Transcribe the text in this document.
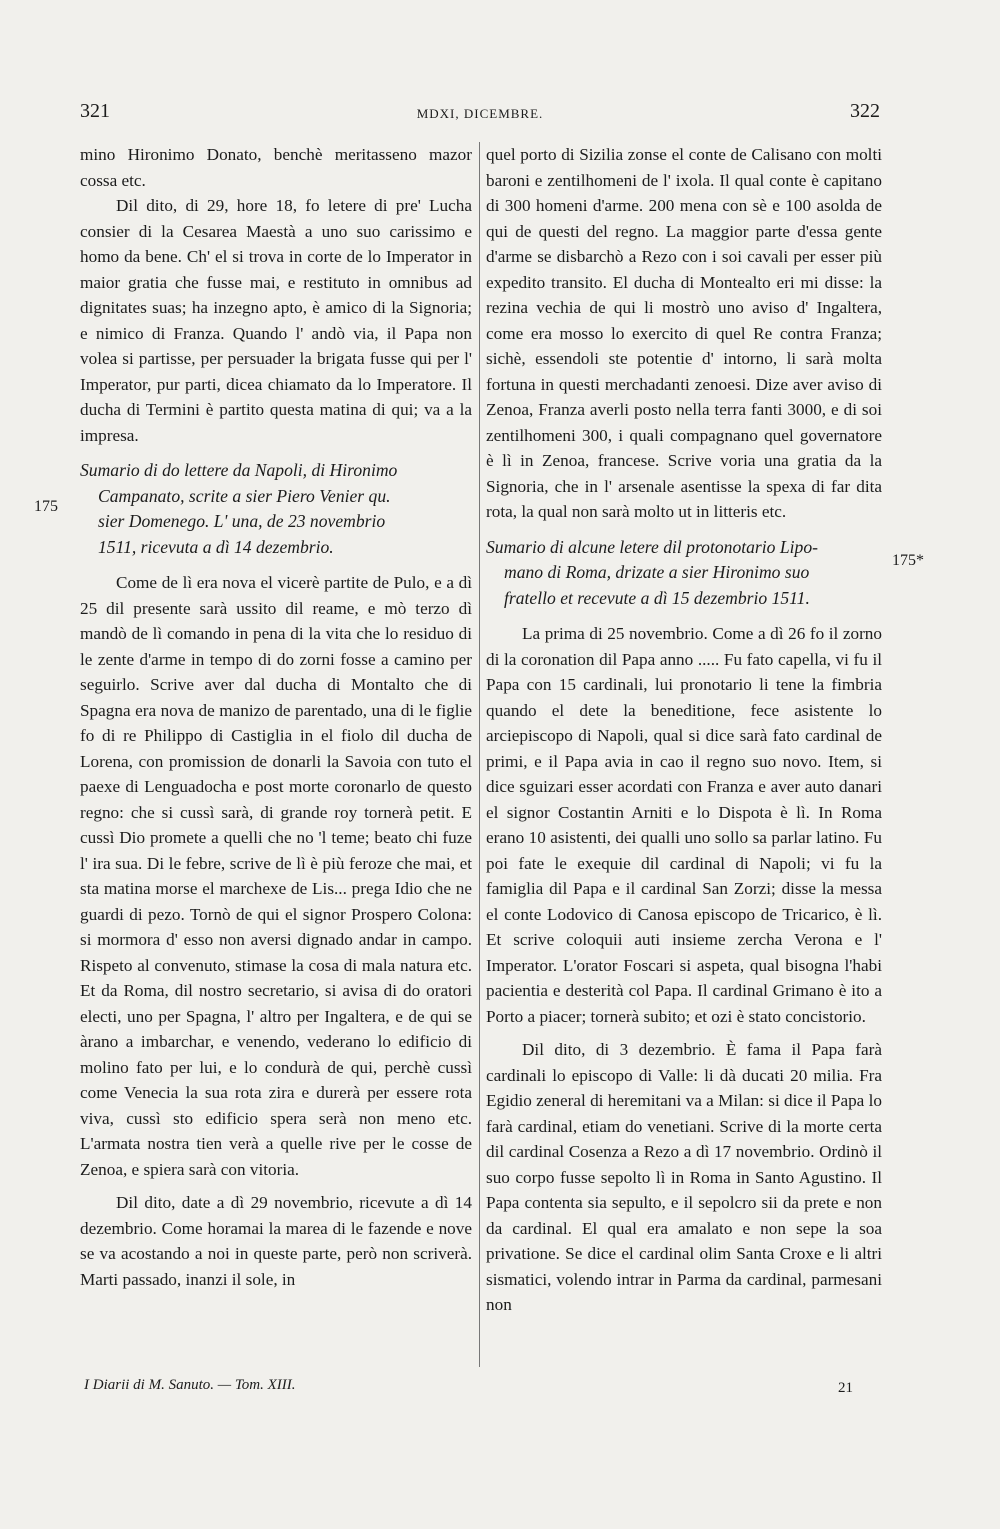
321	MDXI, DICEMBRE.	322

mino Hironimo Donato, benchè meritasseno mazor cossa etc.

Dil dito, di 29, hore 18, fo letere di pre' Lucha consier di la Cesarea Maestà a uno suo carissimo e homo da bene. Ch' el si trova in corte de lo Imperator in maior gratia che fusse mai, e restituto in omnibus ad dignitates suas; ha inzegno apto, è amico di la Signoria; e nimico di Franza. Quando l' andò via, il Papa non volea si partisse, per persuader la brigata fusse qui per l' Imperator, pur parti, dicea chiamato da lo Imperatore. Il ducha di Termini è partito questa matina di qui; va a la impresa.

Sumario di do lettere da Napoli, di Hironimo
Campanato, scrite a sier Piero Venier qu.
sier Domenego. L' una, de 23 novembrio
1511, ricevuta a dì 14 dezembrio.

Come de lì era nova el vicerè partite de Pulo, e a dì 25 dil presente sarà ussito dil reame, e mò terzo dì mandò de lì comando in pena di la vita che lo residuo di le zente d'arme in tempo di do zorni fosse a camino per seguirlo. Scrive aver dal ducha di Montalto che di Spagna era nova de manizo de parentado, una di le figlie fo di re Philippo di Castiglia in el fiolo dil ducha de Lorena, con promission de donarli la Savoia con tuto el paexe di Lenguadocha e post morte coronarlo de questo regno: che si cussì sarà, di grande roy tornerà petit. E cussì Dio promete a quelli che no 'l teme; beato chi fuze l' ira sua. Di le febre, scrive de lì è più feroze che mai, et sta matina morse el marchexe de Lis... prega Idio che ne guardi di pezo. Tornò de qui el signor Prospero Colona: si mormora d' esso non aversi dignado andar in campo. Rispeto al convenuto, stimase la cosa di mala natura etc. Et da Roma, dil nostro secretario, si avisa di do oratori electi, uno per Spagna, l' altro per Ingaltera, e de qui se àrano a imbarchar, e venendo, vederano lo edificio di molino fato per lui, e lo condurà de qui, perchè cussì come Venecia la sua rota zira e durerà per essere rota viva, cussì sto edificio spera serà non meno etc. L'armata nostra tien verà a quelle rive per le cosse de Zenoa, e spiera sarà con vitoria.

Dil dito, date a dì 29 novembrio, ricevute a dì 14 dezembrio. Come horamai la marea di le fazende e nove se va acostando a noi in queste parte, però non scriverà. Marti passado, inanzi il sole, in

175

quel porto di Sizilia zonse el conte de Calisano con molti baroni e zentilhomeni de l' ixola. Il qual conte è capitano di 300 homeni d'arme. 200 mena con sè e 100 asolda de qui de questi del regno. La maggior parte d'essa gente d'arme se disbarchò a Rezo con i soi cavali per esser più expedito transito. El ducha di Montealto eri mi disse: la rezina vechia de qui li mostrò uno aviso d' Ingaltera, come era mosso lo exercito di quel Re contra Franza; sichè, essendoli ste potentie d' intorno, li sarà molta fortuna in questi merchadanti zenoesi. Dize aver aviso di Zenoa, Franza averli posto nella terra fanti 3000, e di soi zentilhomeni 300, i quali compagnano quel governatore è lì in Zenoa, francese. Scrive voria una gratia da la Signoria, che in l' arsenale asentisse la spexa di far dita rota, la qual non sarà molto ut in litteris etc.

Sumario di alcune letere dil protonotario Lipo-
mano di Roma, drizate a sier Hironimo suo
fratello et recevute a dì 15 dezembrio 1511.

La prima di 25 novembrio. Come a dì 26 fo il zorno di la coronation dil Papa anno ..... Fu fato capella, vi fu il Papa con 15 cardinali, lui pronotario li tene la fimbria quando el dete la beneditione, fece asistente lo arciepiscopo di Napoli, qual si dice sarà fato cardinal de primi, e il Papa avia in cao il regno suo novo. Item, si dice sguizari esser acordati con Franza e aver auto danari el signor Costantin Arniti e lo Dispota è lì. In Roma erano 10 asistenti, dei qualli uno sollo sa parlar latino. Fu poi fate le exequie dil cardinal di Napoli; vi fu la famiglia dil Papa e il cardinal San Zorzi; disse la messa el conte Lodovico di Canosa episcopo de Tricarico, è lì. Et scrive coloquii auti insieme zercha Verona e l' Imperator. L'orator Foscari si aspeta, qual bisogna l'habi pacientia e desterità col Papa. Il cardinal Grimano è ito a Porto a piacer; tornerà subito; et ozi è stato concistorio.

Dil dito, di 3 dezembrio. È fama il Papa farà cardinali lo episcopo di Valle: li dà ducati 20 milia. Fra Egidio zeneral di heremitani va a Milan: si dice il Papa lo farà cardinal, etiam do venetiani. Scrive di la morte certa dil cardinal Cosenza a Rezo a dì 17 novembrio. Ordinò il suo corpo fusse sepolto lì in Roma in Santo Agustino. Il Papa contenta sia sepulto, e il sepolcro sii da prete e non da cardinal. El qual era amalato e non sepe la soa privatione. Se dice el cardinal olim Santa Croxe e li altri sismatici, volendo intrar in Parma da cardinal, parmesani non

175*
I Diarii di M. Sanuto. — Tom. XIII.	21
